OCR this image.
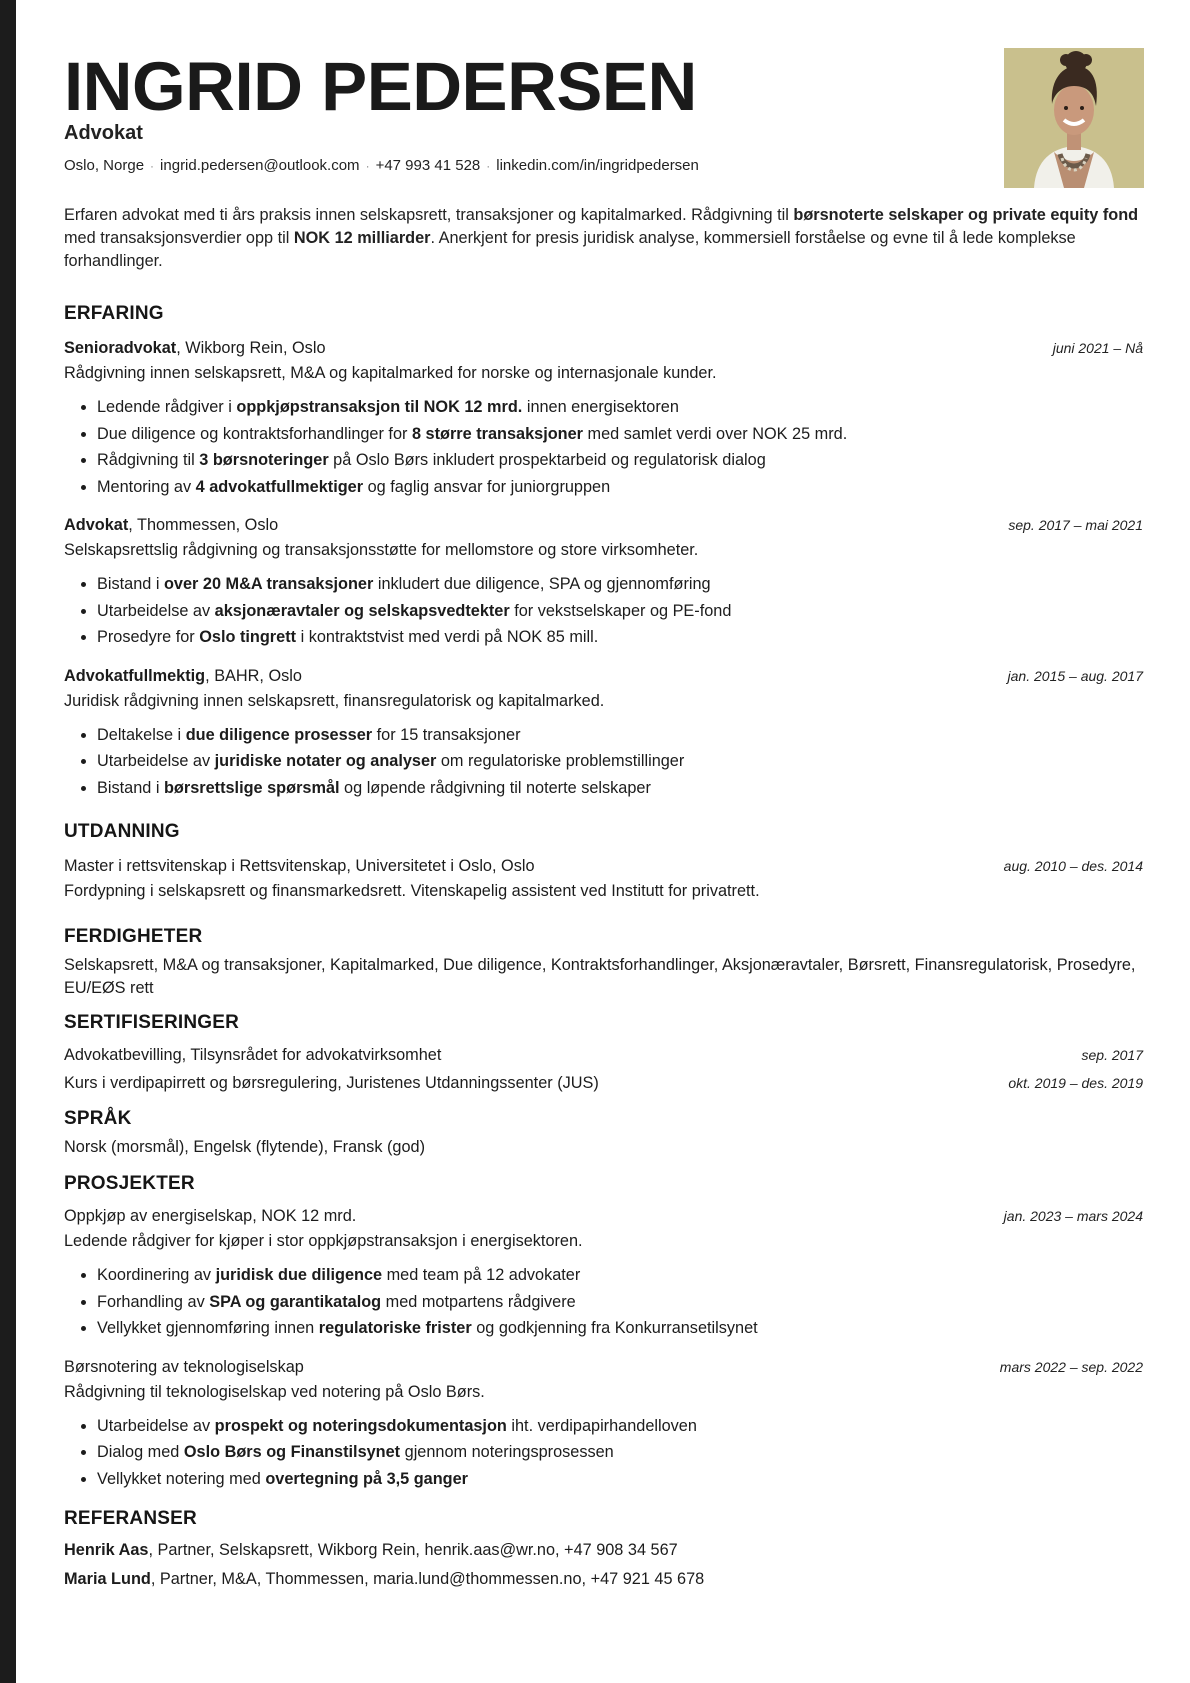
INGRID PEDERSEN
Advokat
Oslo, Norge · ingrid.pedersen@outlook.com · +47 993 41 528 · linkedin.com/in/ingridpedersen

Erfaren advokat med ti års praksis innen selskapsrett, transaksjoner og kapitalmarked. Rådgivning til børsnoterte selskaper og private equity fond med transaksjonsverdier opp til NOK 12 milliarder. Anerkjent for presis juridisk analyse, kommersiell forståelse og evne til å lede komplekse forhandlinger.

ERFARING
Senioradvokat, Wikborg Rein, Oslo	juni 2021 – Nå
Rådgivning innen selskapsrett, M&A og kapitalmarked for norske og internasjonale kunder.
• Ledende rådgiver i oppkjøpstransaksjon til NOK 12 mrd. innen energisektoren
• Due diligence og kontraktsforhandlinger for 8 større transaksjoner med samlet verdi over NOK 25 mrd.
• Rådgivning til 3 børsnoteringer på Oslo Børs inkludert prospektarbeid og regulatorisk dialog
• Mentoring av 4 advokatfullmektiger og faglig ansvar for juniorgruppen
Advokat, Thommessen, Oslo	sep. 2017 – mai 2021
Selskapsrettslig rådgivning og transaksjonsstøtte for mellomstore og store virksomheter.
• Bistand i over 20 M&A transaksjoner inkludert due diligence, SPA og gjennomføring
• Utarbeidelse av aksjonæravtaler og selskapsvedtekter for vekstselskaper og PE-fond
• Prosedyre for Oslo tingrett i kontraktstvist med verdi på NOK 85 mill.
Advokatfullmektig, BAHR, Oslo	jan. 2015 – aug. 2017
Juridisk rådgivning innen selskapsrett, finansregulatorisk og kapitalmarked.
• Deltakelse i due diligence prosesser for 15 transaksjoner
• Utarbeidelse av juridiske notater og analyser om regulatoriske problemstillinger
• Bistand i børsrettslige spørsmål og løpende rådgivning til noterte selskaper
UTDANNING
Master i rettsvitenskap i Rettsvitenskap, Universitetet i Oslo, Oslo	aug. 2010 – des. 2014
Fordypning i selskapsrett og finansmarkedsrett. Vitenskapelig assistent ved Institutt for privatrett.
FERDIGHETER
Selskapsrett, M&A og transaksjoner, Kapitalmarked, Due diligence, Kontraktsforhandlinger, Aksjonæravtaler, Børsrett, Finansregulatorisk, Prosedyre, EU/EØS rett
SERTIFISERINGER
Advokatbevilling, Tilsynsrådet for advokatvirksomhet	sep. 2017
Kurs i verdipapirrett og børsregulering, Juristenes Utdanningssenter (JUS)	okt. 2019 – des. 2019
SPRÅK
Norsk (morsmål), Engelsk (flytende), Fransk (god)
PROSJEKTER
Oppkjøp av energiselskap, NOK 12 mrd.	jan. 2023 – mars 2024
Ledende rådgiver for kjøper i stor oppkjøpstransaksjon i energisektoren.
• Koordinering av juridisk due diligence med team på 12 advokater
• Forhandling av SPA og garantikatalog med motpartens rådgivere
• Vellykket gjennomføring innen regulatoriske frister og godkjenning fra Konkurransetilsynet
Børsnotering av teknologiselskap	mars 2022 – sep. 2022
Rådgivning til teknologiselskap ved notering på Oslo Børs.
• Utarbeidelse av prospekt og noteringsdokumentasjon iht. verdipapirhandelloven
• Dialog med Oslo Børs og Finanstilsynet gjennom noteringsprosessen
• Vellykket notering med overtegning på 3,5 ganger
REFERANSER
Henrik Aas, Partner, Selskapsrett, Wikborg Rein, henrik.aas@wr.no, +47 908 34 567
Maria Lund, Partner, M&A, Thommessen, maria.lund@thommessen.no, +47 921 45 678
